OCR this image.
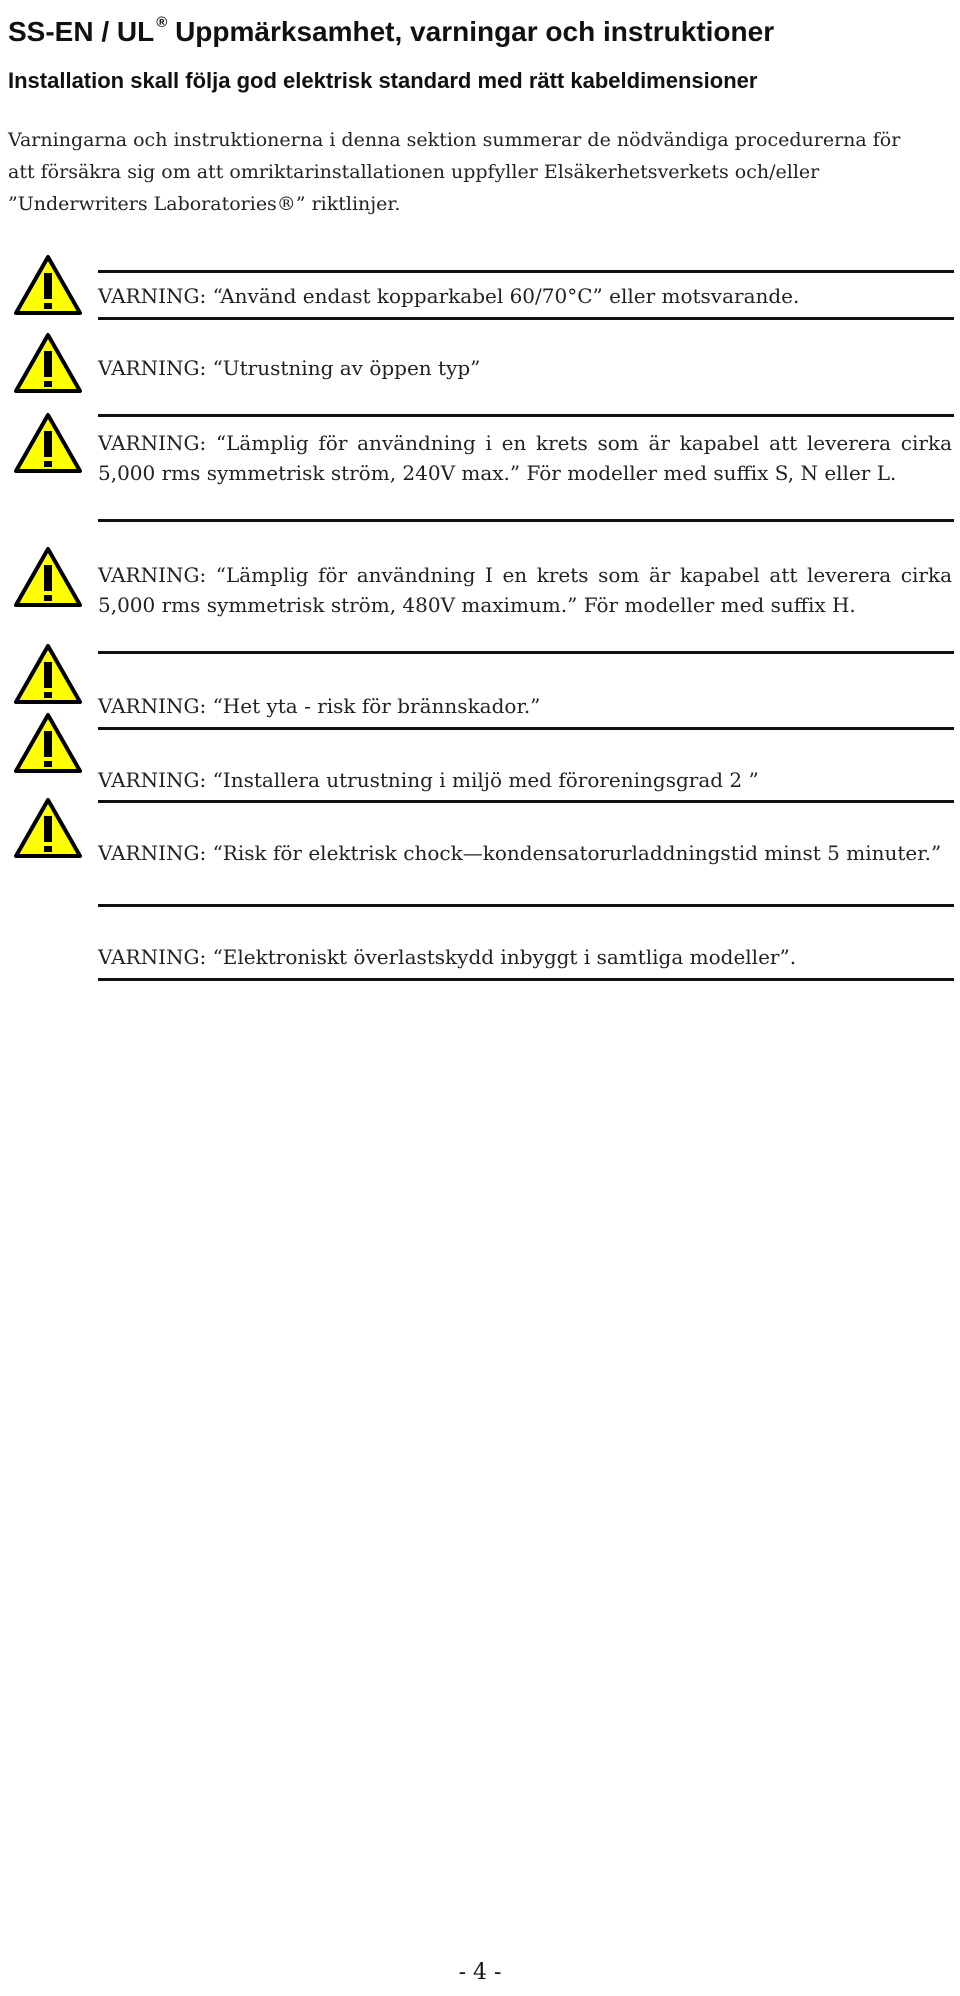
SS-EN / UL ® Uppmärksamhet, varningar och instruktioner

Installation skall följa god elektrisk standard med rätt kabeldimensioner

Varningarna och instruktionerna i denna sektion summerar de nödvändiga procedurerna för att försäkra sig om att omriktarinstallationen uppfyller Elsäkerhetsverkets och/eller ”Underwriters Laboratories®” riktlinjer.

VARNING: “Använd endast kopparkabel 60/70°C” eller motsvarande.
VARNING: “Utrustning av öppen typ”
VARNING: “Lämplig för användning i en krets som är kapabel att leverera cirka 5,000 rms symmetrisk ström, 240V max.” För modeller med suffix S, N eller L.
VARNING: “Lämplig för användning I en krets som är kapabel att leverera cirka 5,000 rms symmetrisk ström, 480V maximum.” För modeller med suffix H.
VARNING: “Het yta - risk för brännskador.”
VARNING: “Installera utrustning i miljö med föroreningsgrad 2 ”
VARNING: “Risk för elektrisk chock—kondensatorurladdningstid minst 5 minuter.”
VARNING: “Elektroniskt överlastskydd inbyggt i samtliga modeller”.
- 4 -
